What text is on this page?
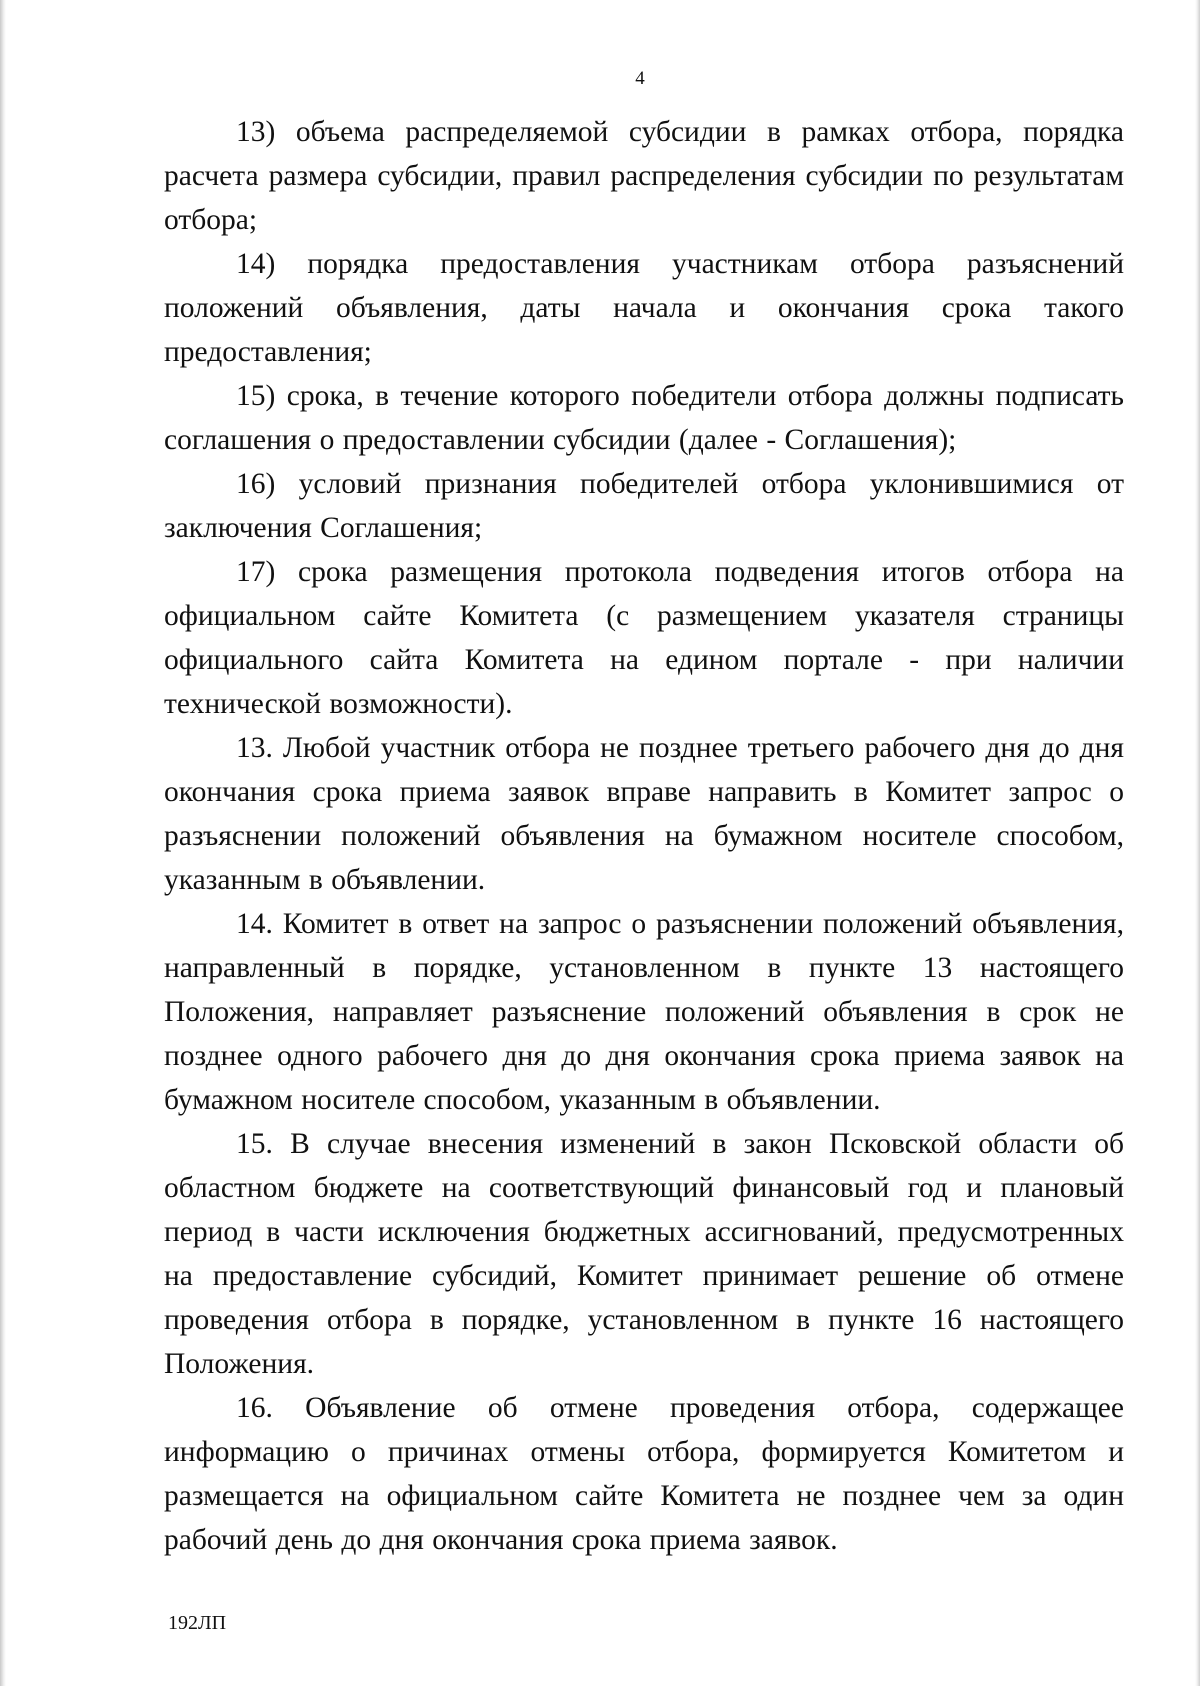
4

13) объема распределяемой субсидии в рамках отбора, порядка расчета размера субсидии, правил распределения субсидии по результатам отбора;

14) порядка предоставления участникам отбора разъяснений положений объявления, даты начала и окончания срока такого предоставления;

15) срока, в течение которого победители отбора должны подписать соглашения о предоставлении субсидии (далее - Соглашения);

16) условий признания победителей отбора уклонившимися от заключения Соглашения;

17) срока размещения протокола подведения итогов отбора на официальном сайте Комитета (с размещением указателя страницы официального сайта Комитета на едином портале - при наличии технической возможности).

13. Любой участник отбора не позднее третьего рабочего дня до дня окончания срока приема заявок вправе направить в Комитет запрос о разъяснении положений объявления на бумажном носителе способом, указанным в объявлении.

14. Комитет в ответ на запрос о разъяснении положений объявления, направленный в порядке, установленном в пункте 13 настоящего Положения, направляет разъяснение положений объявления в срок не позднее одного рабочего дня до дня окончания срока приема заявок на бумажном носителе способом, указанным в объявлении.

15. В случае внесения изменений в закон Псковской области об областном бюджете на соответствующий финансовый год и плановый период в части исключения бюджетных ассигнований, предусмотренных на предоставление субсидий, Комитет принимает решение об отмене проведения отбора в порядке, установленном в пункте 16 настоящего Положения.

16. Объявление об отмене проведения отбора, содержащее информацию о причинах отмены отбора, формируется Комитетом и размещается на официальном сайте Комитета не позднее чем за один рабочий день до дня окончания срока приема заявок.

192ЛП
